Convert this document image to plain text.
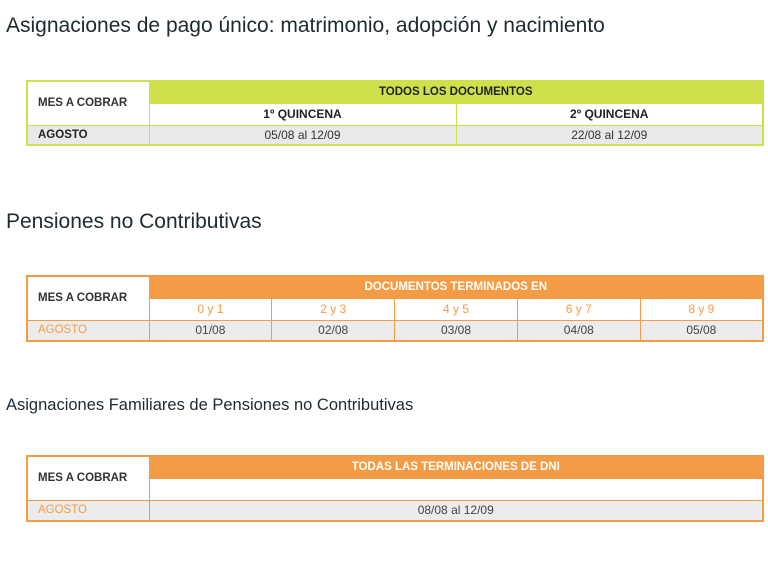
Asignaciones de pago único: matrimonio, adopción y nacimiento
MES A COBRAR	TODOS LOS DOCUMENTOS	
	1º QUINCENA	2º QUINCENA
AGOSTO	05/08 al 12/09	22/08 al 12/09
Pensiones no Contributivas
MES A COBRAR	DOCUMENTOS TERMINADOS EN				
	0 y 1	2 y 3	4 y 5	6 y 7	8 y 9
AGOSTO	01/08	02/08	03/08	04/08	05/08
Asignaciones Familiares de Pensiones no Contributivas
MES A COBRAR	TODAS LAS TERMINACIONES DE DNI

AGOSTO	08/08 al 12/09
